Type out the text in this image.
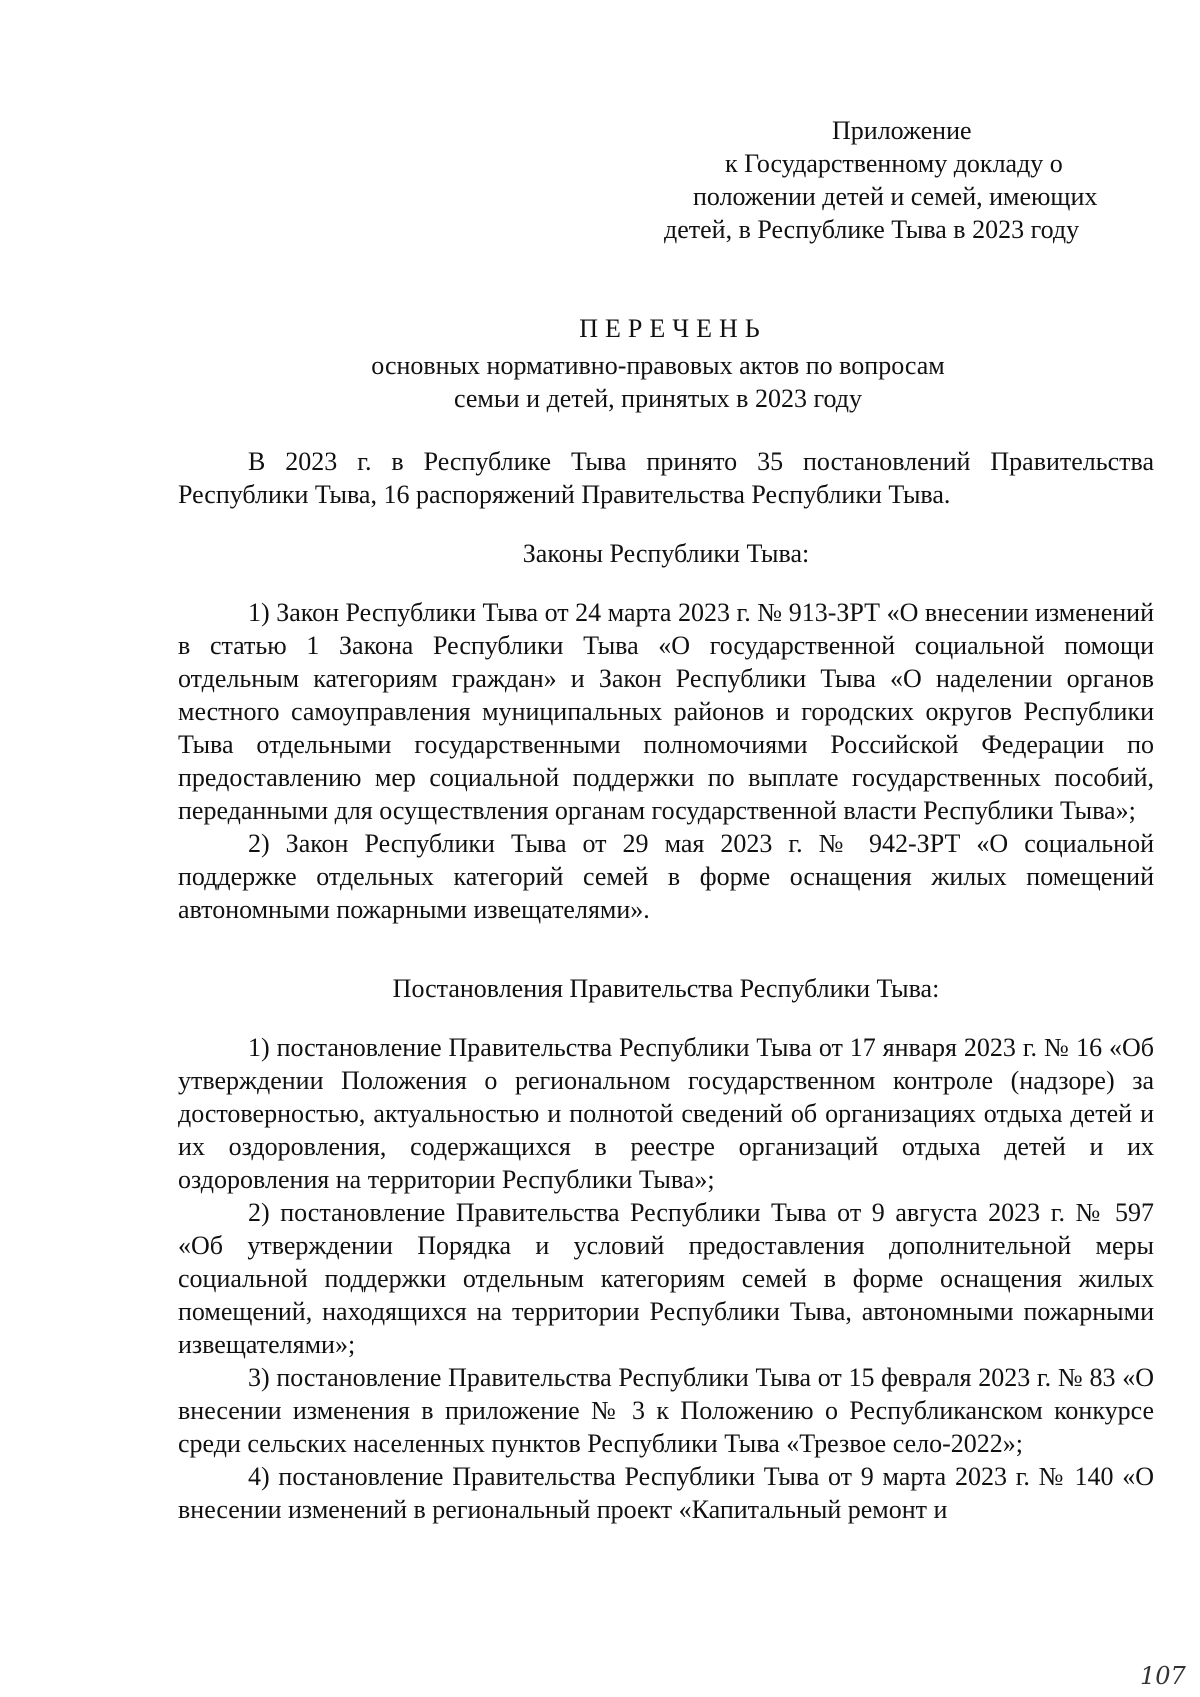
Приложение
к Государственному докладу о
положении детей и семей, имеющих
детей, в Республике Тыва в 2023 году
ПЕРЕЧЕНЬ
основных нормативно-правовых актов по вопросам
семьи и детей, принятых в 2023 году

В 2023 г. в Республике Тыва принято 35 постановлений Правительства Республики Тыва, 16 распоряжений Правительства Республики Тыва.

Законы Республики Тыва:

1) Закон Республики Тыва от 24 марта 2023 г. № 913-ЗРТ «О внесении изменений в статью 1 Закона Республики Тыва «О государственной социальной помощи отдельным категориям граждан» и Закон Республики Тыва «О наделении органов местного самоуправления муниципальных районов и городских округов Республики Тыва отдельными государственными полномочиями Российской Федерации по предоставлению мер социальной поддержки по выплате государственных пособий, переданными для осуществления органам государственной власти Республики Тыва»;

2) Закон Республики Тыва от 29 мая 2023 г. № 942-ЗРТ «О социальной поддержке отдельных категорий семей в форме оснащения жилых помещений автономными пожарными извещателями».

Постановления Правительства Республики Тыва:

1) постановление Правительства Республики Тыва от 17 января 2023 г. № 16 «Об утверждении Положения о региональном государственном контроле (надзоре) за достоверностью, актуальностью и полнотой сведений об организациях отдыха детей и их оздоровления, содержащихся в реестре организаций отдыха детей и их оздоровления на территории Республики Тыва»;

2) постановление Правительства Республики Тыва от 9 августа 2023 г. № 597 «Об утверждении Порядка и условий предоставления дополнительной меры социальной поддержки отдельным категориям семей в форме оснащения жилых помещений, находящихся на территории Республики Тыва, автономными пожарными извещателями»;

3) постановление Правительства Республики Тыва от 15 февраля 2023 г. № 83 «О внесении изменения в приложение № 3 к Положению о Республиканском конкурсе среди сельских населенных пунктов Республики Тыва «Трезвое село-2022»;

4) постановление Правительства Республики Тыва от 9 марта 2023 г. № 140 «О внесении изменений в региональный проект «Капитальный ремонт и

107
